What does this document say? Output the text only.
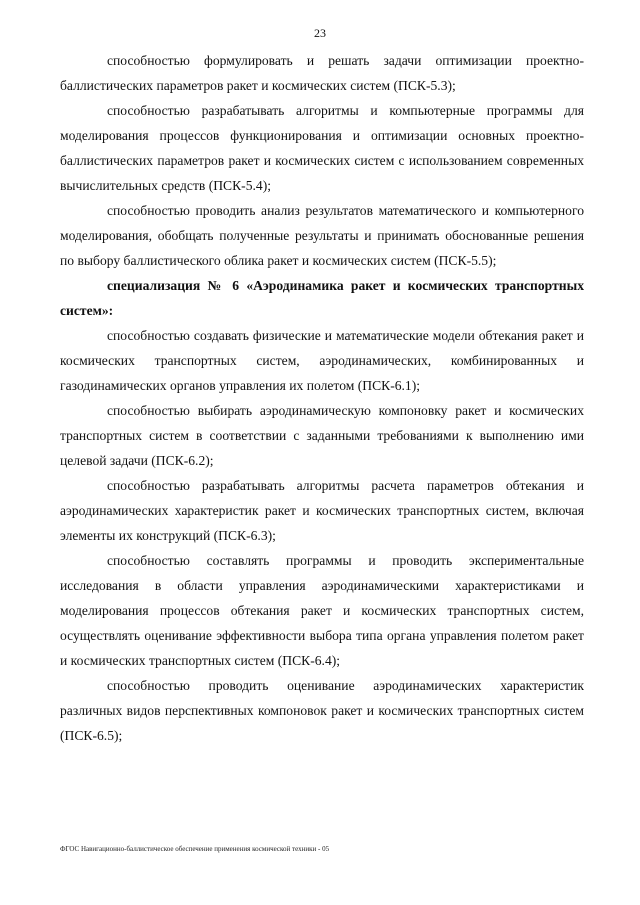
23

способностью формулировать и решать задачи оптимизации проектно-баллистических параметров ракет и космических систем (ПСК-5.3);

способностью разрабатывать алгоритмы и компьютерные программы для моделирования процессов функционирования и оптимизации основных проектно-баллистических параметров ракет и космических систем с использованием современных вычислительных средств (ПСК-5.4);

способностью проводить анализ результатов математического и компьютерного моделирования, обобщать полученные результаты и принимать обоснованные решения по выбору баллистического облика ракет и космических систем (ПСК-5.5);

специализация № 6 «Аэродинамика ракет и космических транспортных систем»:

способностью создавать физические и математические модели обтекания ракет и космических транспортных систем, аэродинамических, комбинированных и газодинамических органов управления их полетом (ПСК-6.1);

способностью выбирать аэродинамическую компоновку ракет и космических транспортных систем в соответствии с заданными требованиями к выполнению ими целевой задачи (ПСК-6.2);

способностью разрабатывать алгоритмы расчета параметров обтекания и аэродинамических характеристик ракет и космических транспортных систем, включая элементы их конструкций (ПСК-6.3);

способностью составлять программы и проводить экспериментальные исследования в области управления аэродинамическими характеристиками и моделирования процессов обтекания ракет и космических транспортных систем, осуществлять оценивание эффективности выбора типа органа управления полетом ракет и космических транспортных систем (ПСК-6.4);

способностью проводить оценивание аэродинамических характеристик различных видов перспективных компоновок ракет и космических транспортных систем (ПСК-6.5);

ФГОС Навигационно-баллистическое обеспечение применения космической техники - 05
